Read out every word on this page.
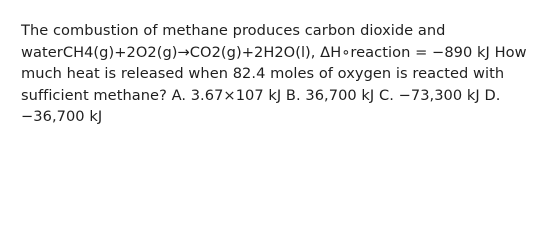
The combustion of methane produces carbon dioxide and waterCH4(g)+2O2(g)→CO2(g)+2H2O(l), ΔH∘reaction = −890 kJ How much heat is released when 82.4 moles of oxygen is reacted with sufficient methane? A. 3.67×107 kJ B. 36,700 kJ C. −73,300 kJ D. −36,700 kJ
